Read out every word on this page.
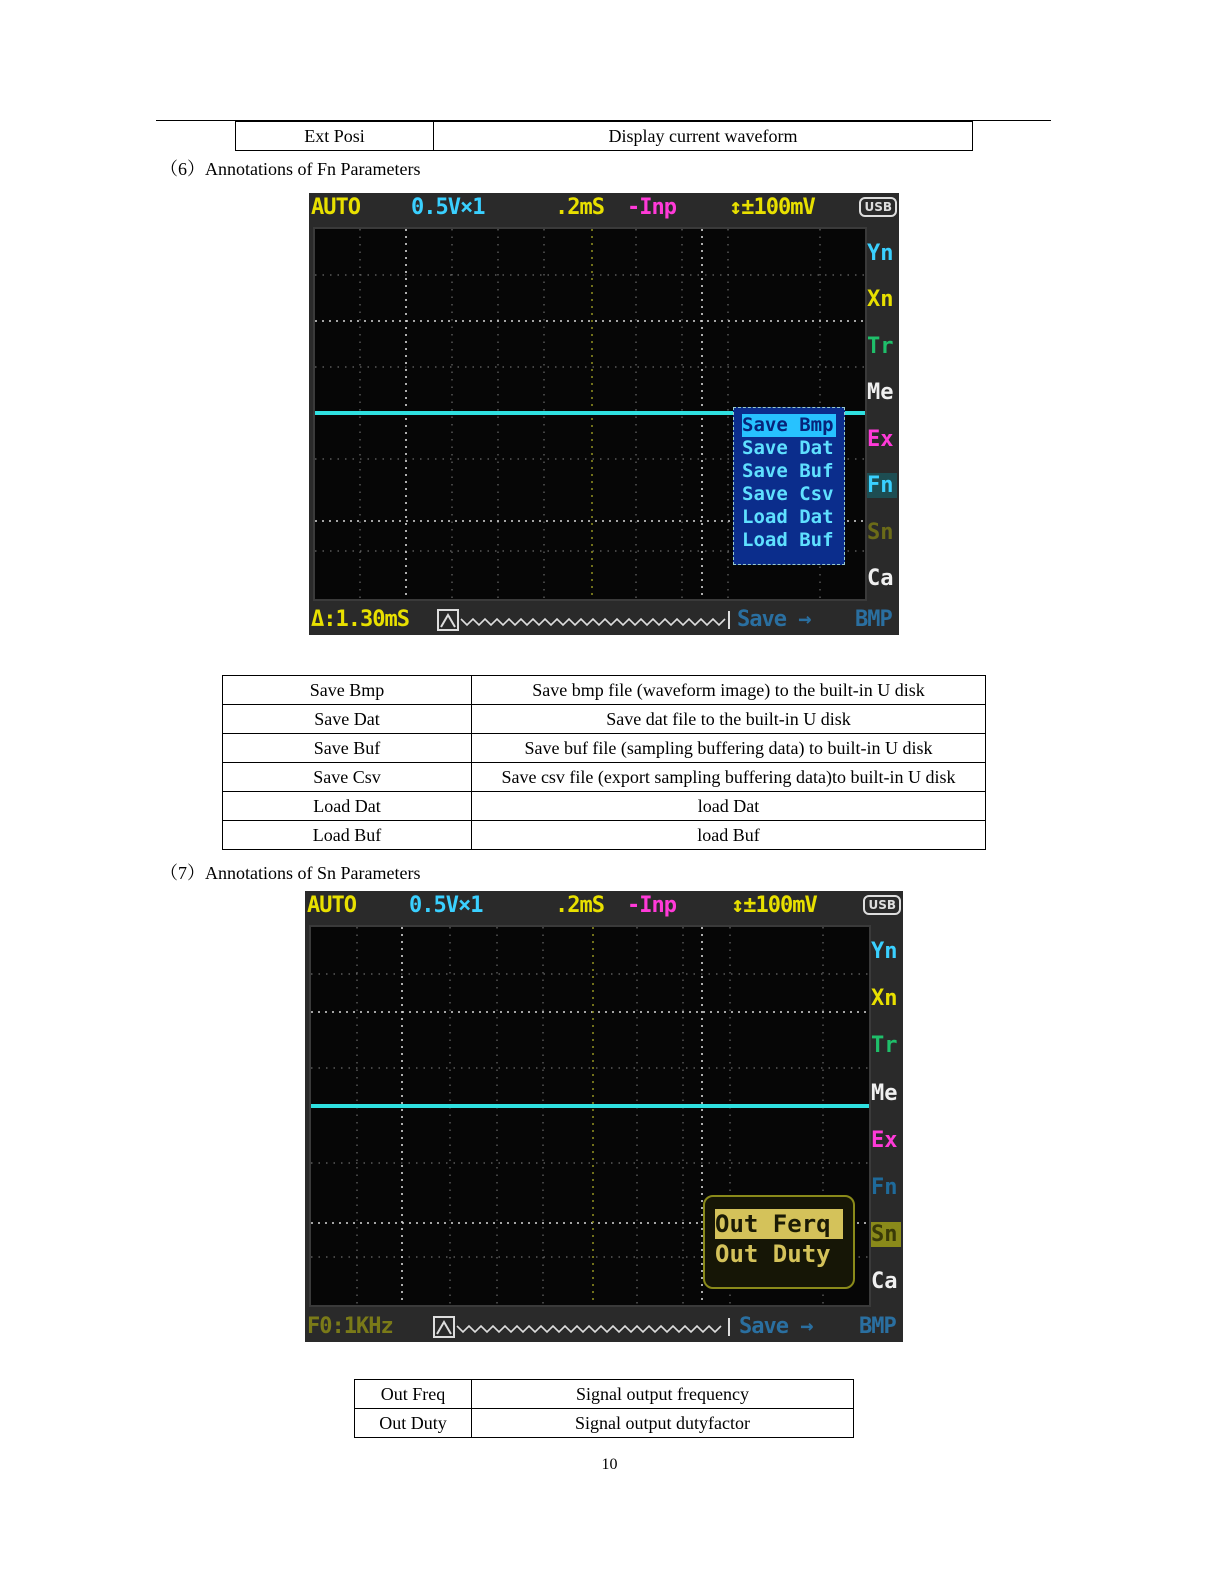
Ext Posi	Display current waveform
（6）Annotations of Fn Parameters
AUTO 0.5V×1	.2mS -Inp ↕±100mV	USB
Save Bmp
Save Dat
Save Buf
Save Csv
Load Dat
Load Buf
Yn
Xn
Tr
Me
Ex
Fn
Sn
Ca
Δ:1.30mS	Save → BMP
Save Bmp	Save bmp file (waveform image) to the built-in U disk
Save Dat	Save dat file to the built-in U disk
Save Buf	Save buf file (sampling buffering data) to built-in U disk
Save Csv	Save csv file (export sampling buffering data)to built-in U disk
Load Dat	load Dat
Load Buf	load Buf
（7）Annotations of Sn Parameters
AUTO 0.5V×1	.2mS -Inp	↕±100mV	USB
Out Ferq
Out Duty
Yn
Xn
Tr
Me
Ex
Fn
Sn
Ca
F0:1KHz	Save → BMP
Out Freq	Signal output frequency
Out Duty	Signal output dutyfactor
10
